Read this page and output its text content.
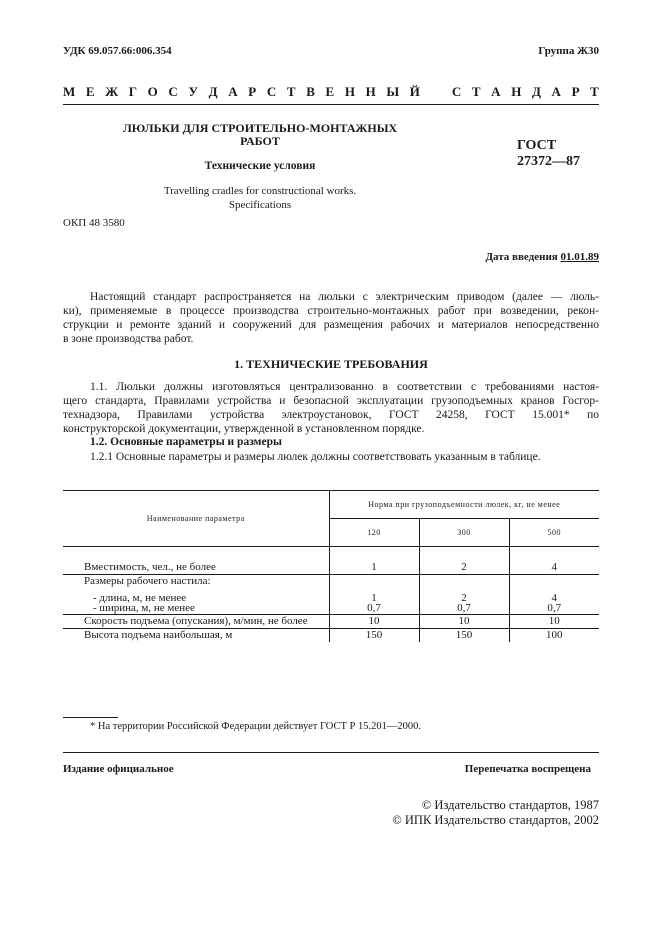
УДК 69.057.66:006.354	Группа Ж30
М Е Ж Г О С У Д А Р С Т В Е Н Н Ы Й С Т А Н Д А Р Т
ЛЮЛЬКИ ДЛЯ СТРОИТЕЛЬНО-МОНТАЖНЫХ
РАБОТ
Технические условия
Travelling cradles for constructional works.
Specifications
ГОСТ
27372—87
ОКП 48 3580
Дата введения 01.01.89
Настоящий стандарт распространяется на люльки с электрическим приводом (далее — люль-
ки), применяемые в процессе производства строительно-монтажных работ при возведении, рекон-
струкции и ремонте зданий и сооружений для размещения рабочих и материалов непосредственно
в зоне производства работ.
1. ТЕХНИЧЕСКИЕ ТРЕБОВАНИЯ
1.1. Люльки должны изготовляться централизованно в соответствии с требованиями настоя-
щего стандарта, Правилами устройства и безопасной эксплуатации грузоподъемных кранов Госгор-
технадзора, Правилами устройства электроустановок, ГОСТ 24258, ГОСТ 15.001* по
конструкторской документации, утвержденной в установленном порядке.
1.2. Основные параметры и размеры
1.2.1 Основные параметры и размеры люлек должны соответствовать указанным в таблице.
Наименование параметра	Норма при грузоподъемности люлек, кг, не менее		
	120	300	500

Вместимость, чел., не более	1	2	4
Размеры рабочего настила:			

- длина, м, не менее	1	2	4
- ширина, м, не менее	0,7	0,7	0,7
Скорость подъема (опускания), м/мин, не более	10	10	10
Высота подъема наибольшая, м	150	150	100
* На территории Российской Федерации действует ГОСТ Р 15.201—2000.
Издание официальное	Перепечатка воспрещена
© Издательство стандартов, 1987
© ИПК Издательство стандартов, 2002
